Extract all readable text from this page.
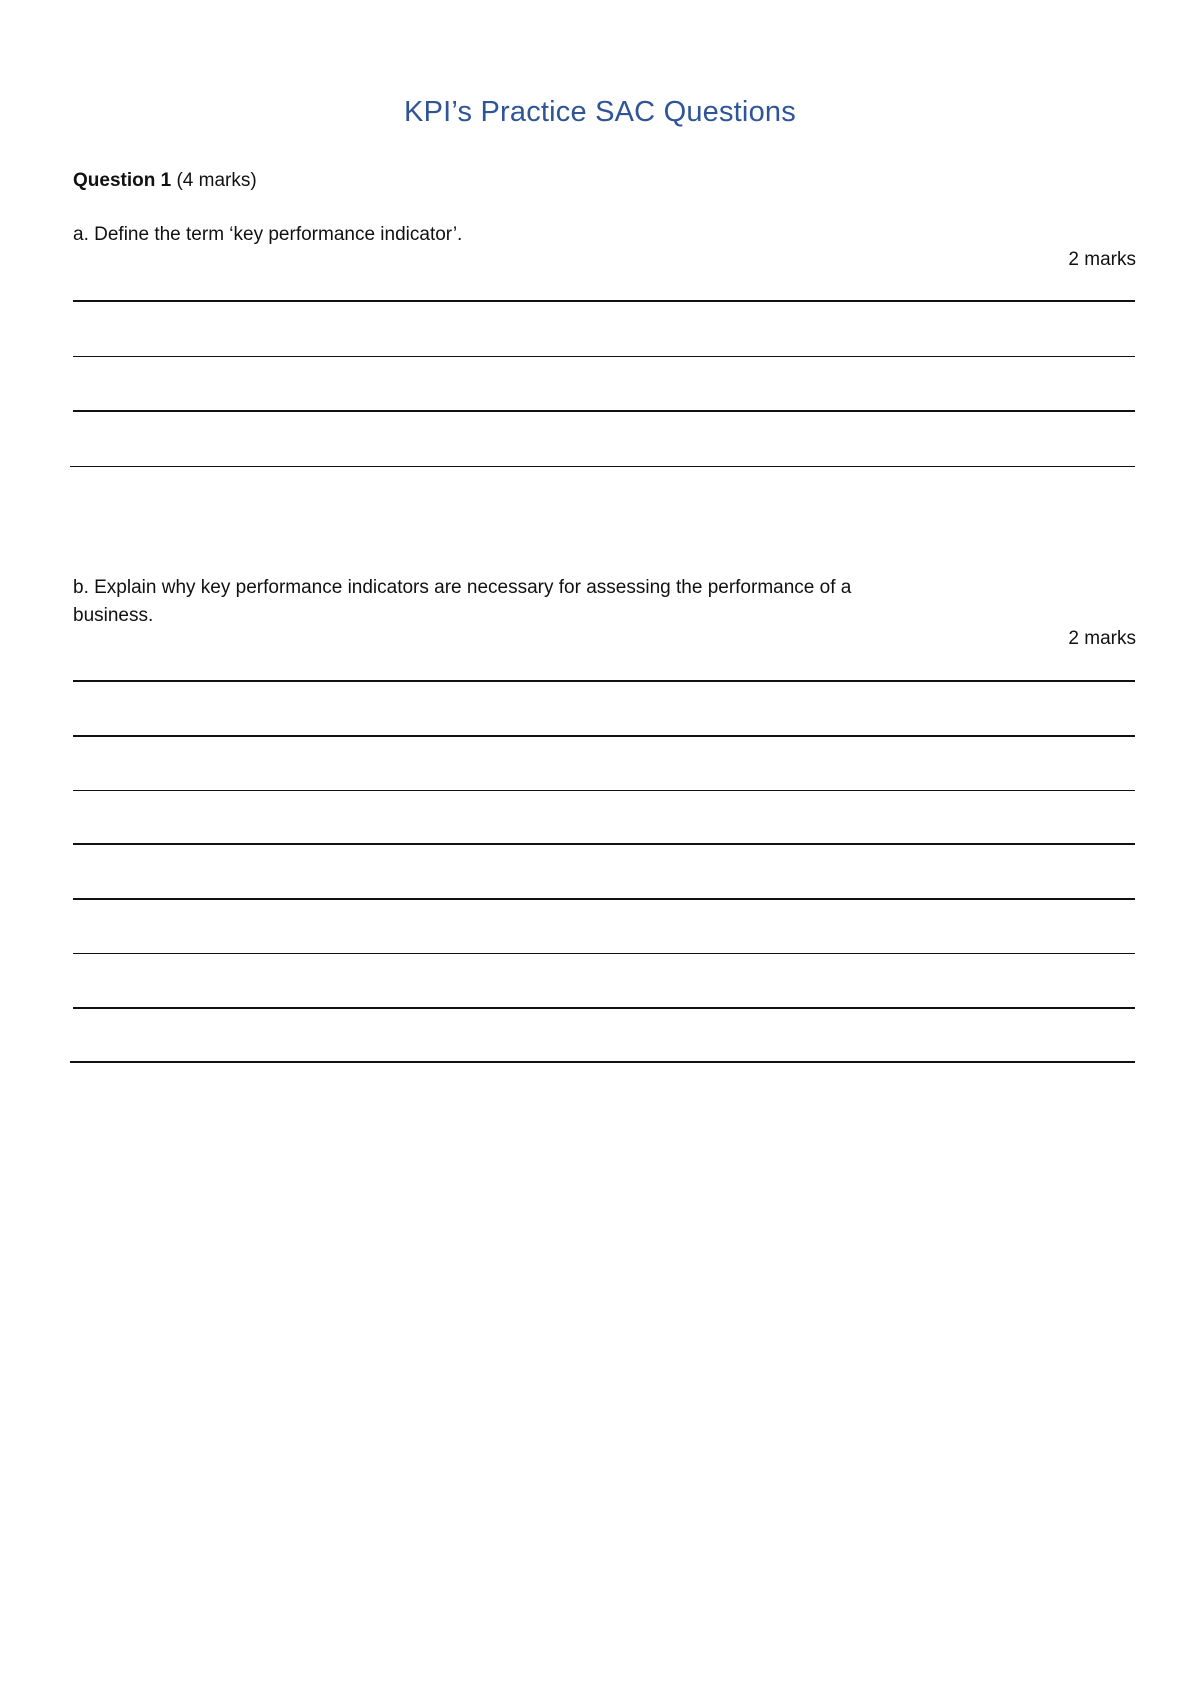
KPI’s Practice SAC Questions

Question 1 (4 marks)

a. Define the term ‘key performance indicator’.

2 marks

b. Explain why key performance indicators are necessary for assessing the performance of a business.

2 marks
